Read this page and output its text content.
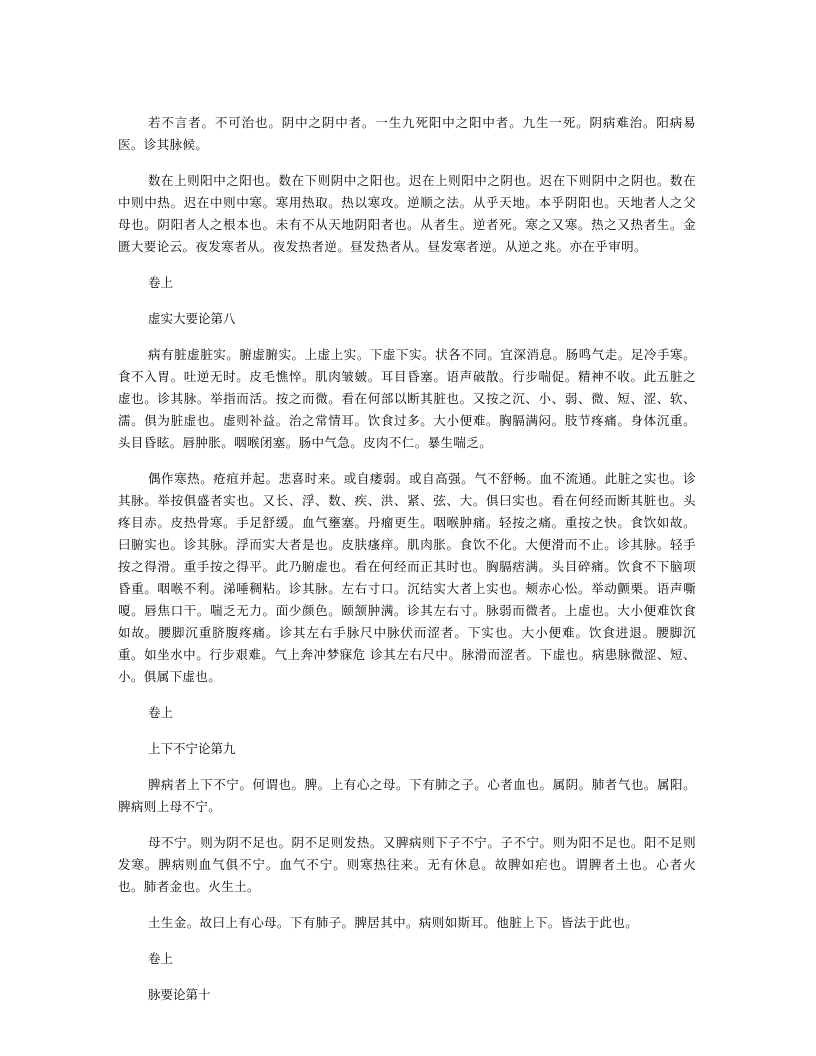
若不言者。不可治也。阴中之阴中者。一生九死阳中之阳中者。九生一死。阴病难治。阳病易医。诊其脉候。

数在上则阳中之阳也。数在下则阴中之阳也。迟在上则阳中之阴也。迟在下则阴中之阴也。数在中则中热。迟在中则中寒。寒用热取。热以寒攻。逆顺之法。从乎天地。本乎阴阳也。天地者人之父母也。阴阳者人之根本也。未有不从天地阴阳者也。从者生。逆者死。寒之又寒。热之又热者生。金匮大要论云。夜发寒者从。夜发热者逆。昼发热者从。昼发寒者逆。从逆之兆。亦在乎审明。

卷上

虚实大要论第八

病有脏虚脏实。腑虚腑实。上虚上实。下虚下实。状各不同。宜深消息。肠鸣气走。足冷手寒。食不入胃。吐逆无时。皮毛憔悴。肌肉皱皴。耳目昏塞。语声破散。行步喘促。精神不收。此五脏之虚也。诊其脉。举指而活。按之而微。看在何部以断其脏也。又按之沉、小、弱、微、短、涩、软、濡。俱为脏虚也。虚则补益。治之常情耳。饮食过多。大小便难。胸膈满闷。肢节疼痛。身体沉重。头目昏眩。唇肿胀。咽喉闭塞。肠中气急。皮肉不仁。暴生喘乏。

偶作寒热。疮疽并起。悲喜时来。或自痿弱。或自高强。气不舒畅。血不流通。此脏之实也。诊其脉。举按俱盛者实也。又长、浮、数、疾、洪、紧、弦、大。俱曰实也。看在何经而断其脏也。头疼目赤。皮热骨寒。手足舒缓。血气壅塞。丹瘤更生。咽喉肿痛。轻按之痛。重按之快。食饮如故。曰腑实也。诊其脉。浮而实大者是也。皮肤瘙痒。肌肉胀。食饮不化。大便滑而不止。诊其脉。轻手按之得滑。重手按之得平。此乃腑虚也。看在何经而正其时也。胸膈痞满。头目碎痛。饮食不下脑项昏重。咽喉不利。涕唾稠粘。诊其脉。左右寸口。沉结实大者上实也。颊赤心忪。举动颤栗。语声嘶嗄。唇焦口干。喘乏无力。面少颜色。颐颔肿满。诊其左右寸。脉弱而微者。上虚也。大小便难饮食如故。腰脚沉重脐腹疼痛。诊其左右手脉尺中脉伏而涩者。下实也。大小便难。饮食进退。腰脚沉重。如坐水中。行步艰难。气上奔冲梦寐危 诊其左右尺中。脉滑而涩者。下虚也。病患脉微涩、短、小。俱属下虚也。

卷上

上下不宁论第九

脾病者上下不宁。何谓也。脾。上有心之母。下有肺之子。心者血也。属阴。肺者气也。属阳。脾病则上母不宁。

母不宁。则为阴不足也。阴不足则发热。又脾病则下子不宁。子不宁。则为阳不足也。阳不足则发寒。脾病则血气俱不宁。血气不宁。则寒热往来。无有休息。故脾如疟也。谓脾者土也。心者火也。肺者金也。火生土。

土生金。故曰上有心母。下有肺子。脾居其中。病则如斯耳。他脏上下。皆法于此也。

卷上

脉要论第十
